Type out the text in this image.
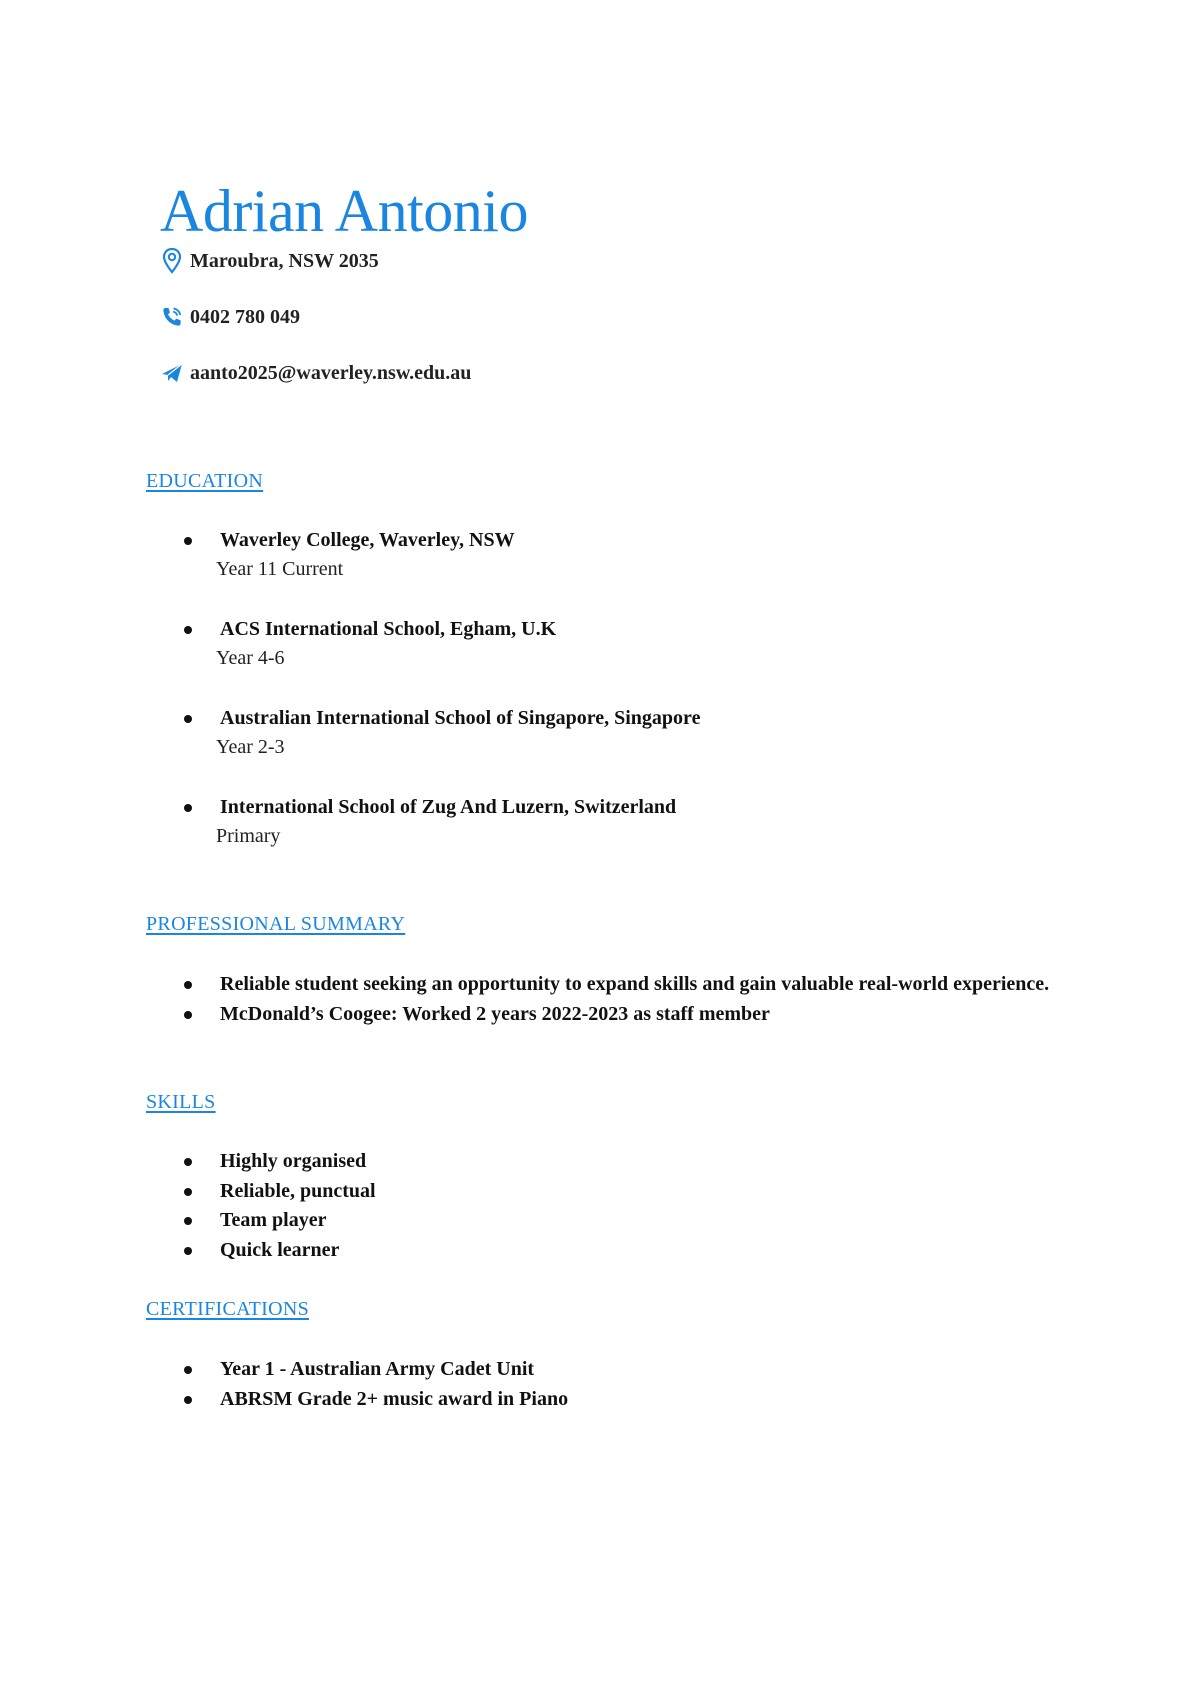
Adrian Antonio
Maroubra, NSW 2035
0402 780 049
aanto2025@waverley.nsw.edu.au
EDUCATION
Waverley College, Waverley, NSW
Year 11 Current
ACS International School, Egham, U.K
Year 4-6
Australian International School of Singapore, Singapore
Year 2-3
International School of Zug And Luzern, Switzerland
Primary
PROFESSIONAL SUMMARY
Reliable student seeking an opportunity to expand skills and gain valuable real-world experience.
McDonald’s Coogee: Worked 2 years 2022-2023 as staff member
SKILLS
Highly organised
Reliable, punctual
Team player
Quick learner
CERTIFICATIONS
Year 1 - Australian Army Cadet Unit
ABRSM Grade 2+ music award in Piano
